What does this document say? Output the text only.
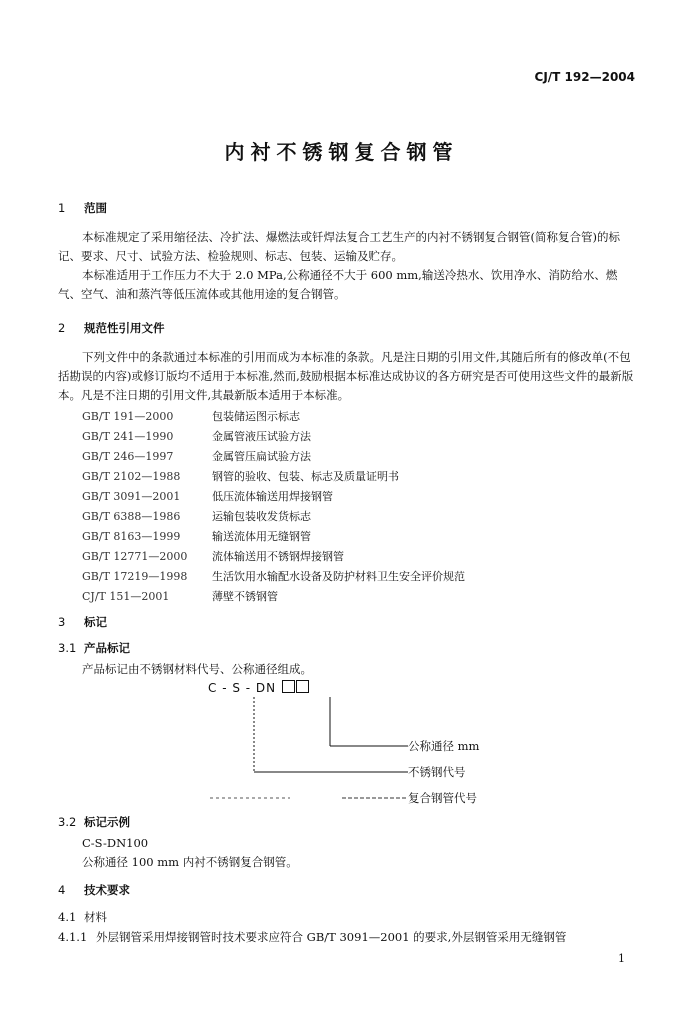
CJ/T 192—2004
内衬不锈钢复合钢管
1 范围
本标准规定了采用缩径法、冷扩法、爆燃法或钎焊法复合工艺生产的内衬不锈钢复合钢管(简称复合管)的标记、要求、尺寸、试验方法、检验规则、标志、包装、运输及贮存。
本标准适用于工作压力不大于 2.0 MPa,公称通径不大于 600 mm,输送冷热水、饮用净水、消防给水、燃气、空气、油和蒸汽等低压流体或其他用途的复合钢管。
2 规范性引用文件
下列文件中的条款通过本标准的引用而成为本标准的条款。凡是注日期的引用文件,其随后所有的修改单(不包括勘误的内容)或修订版均不适用于本标准,然而,鼓励根据本标准达成协议的各方研究是否可使用这些文件的最新版本。凡是不注日期的引用文件,其最新版本适用于本标准。
GB/T 191—2000	包装储运图示标志
GB/T 241—1990	金属管液压试验方法
GB/T 246—1997	金属管压扁试验方法
GB/T 2102—1988	钢管的验收、包装、标志及质量证明书
GB/T 3091—2001	低压流体输送用焊接钢管
GB/T 6388—1986	运输包装收发货标志
GB/T 8163—1999	输送流体用无缝钢管
GB/T 12771—2000 流体输送用不锈钢焊接钢管
GB/T 17219—1998 生活饮用水输配水设备及防护材料卫生安全评价规范
CJ/T 151—2001	薄壁不锈钢管
3 标记
3.1 产品标记
产品标记由不锈钢材料代号、公称通径组成。
C - S - DN
公称通径 mm
不锈钢代号
复合钢管代号
3.2 标记示例
C-S-DN100
公称通径 100 mm 内衬不锈钢复合钢管。
4 技术要求
4.1 材料
4.1.1 外层钢管采用焊接钢管时技术要求应符合 GB/T 3091—2001 的要求,外层钢管采用无缝钢管
1
